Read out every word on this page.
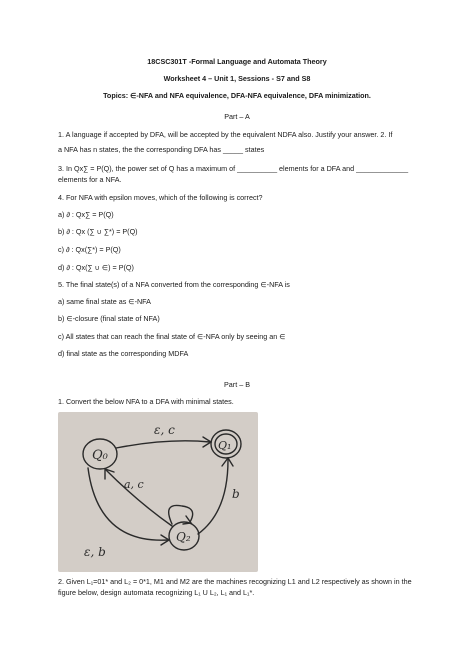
18CSC301T -Formal Language and Automata Theory
Worksheet 4 – Unit 1, Sessions - S7 and S8
Topics: ∈-NFA and NFA equivalence, DFA-NFA equivalence, DFA minimization.
Part – A
1. A language if accepted by DFA, will be accepted by the equivalent NDFA also. Justify your answer. 2. If
a NFA has n states, the the corresponding DFA has _____ states
3. In Qx∑ = P(Q), the power set of Q has a maximum of __________ elements for a DFA and _____________
elements for a NFA.
4. For NFA with epsilon moves, which of the following is correct?
a) ∂ : Qx∑ = P(Q)
b) ∂ : Qx (∑ ∪ ∑*) = P(Q)
c) ∂ : Qx(∑*) = P(Q)
d) ∂ : Qx(∑ ∪ ∈) = P(Q)
5. The final state(s) of a NFA converted from the corresponding ∈-NFA is
a) same final state as ∈-NFA
b) ∈-closure (final state of NFA)
c) All states that can reach the final state of ∈-NFA only by seeing an ∈
d) final state as the corresponding MDFA
Part – B
1. Convert the below NFA to a DFA with minimal states.
Q₀
Q₁
Q₂
ε, c
a, c
b
ε, b
2. Given L₁=01* and L₂ = 0*1, M1 and M2 are the machines recognizing L1 and L2 respectively as shown in the
figure below, design automata recognizing L₁ U L₂, L₁ and L₁*.
